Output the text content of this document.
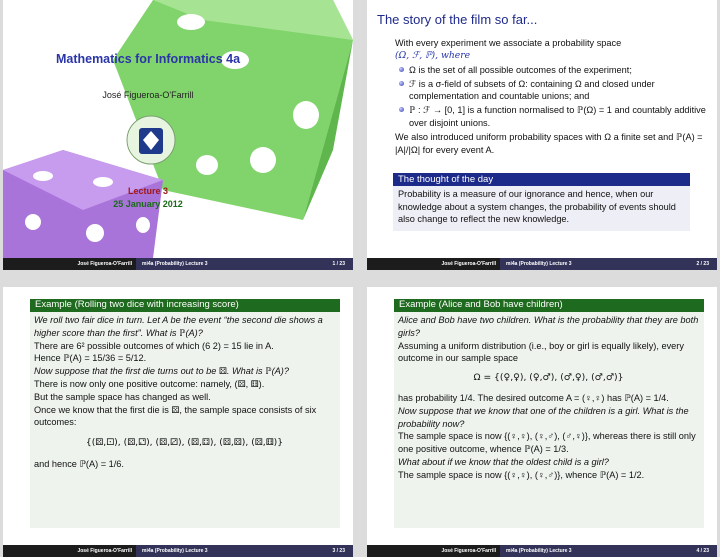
Mathematics for Informatics 4a
José Figueroa-O'Farrill
Lecture 3
25 January 2012
José Figueroa-O'Farrill	mi4a (Probability) Lecture 3	1 / 23
The story of the film so far...
With every experiment we associate a probability space
(Ω, ℱ, ℙ), where
Ω is the set of all possible outcomes of the experiment;
ℱ is a σ-field of subsets of Ω: containing Ω and closed under complementation and countable unions; and
ℙ : ℱ → [0, 1] is a function normalised to ℙ(Ω) = 1 and countably additive over disjoint unions.
We also introduced uniform probability spaces with Ω a finite set and ℙ(A) = |A|/|Ω| for every event A.
The thought of the day
Probability is a measure of our ignorance and hence, when our knowledge about a system changes, the probability of events should also change to reflect the new knowledge.
José Figueroa-O'Farrill	mi4a (Probability) Lecture 3	2 / 23
Example (Rolling two dice with increasing score)
We roll two fair dice in turn. Let A be the event “the second die shows a higher score than the first”. What is ℙ(A)?
There are 6² possible outcomes of which (6 2) = 15 lie in A.
Hence ℙ(A) = 15/36 = 5/12.
Now suppose that the first die turns out to be ⚄. What is ℙ(A)?
There is now only one positive outcome: namely, (⚄, ⚅).
But the sample space has changed as well.
Once we know that the first die is ⚄, the sample space consists of six outcomes:
{(⚄,⚀), (⚄,⚁), (⚄,⚂), (⚄,⚃), (⚄,⚄), (⚄,⚅)}
and hence ℙ(A) = 1/6.
José Figueroa-O'Farrill	mi4a (Probability) Lecture 3	3 / 23
Example (Alice and Bob have children)
Alice and Bob have two children. What is the probability that they are both girls?
Assuming a uniform distribution (i.e., boy or girl is equally likely), every outcome in our sample space
Ω = {(♀,♀), (♀,♂), (♂,♀), (♂,♂)}
has probability 1/4. The desired outcome A = (♀,♀) has ℙ(A) = 1/4.
Now suppose that we know that one of the children is a girl. What is the probability now?
The sample space is now {(♀,♀), (♀,♂), (♂,♀)}, whereas there is still only one positive outcome, whence ℙ(A) = 1/3.
What about if we know that the oldest child is a girl?
The sample space is now {(♀,♀), (♀,♂)}, whence ℙ(A) = 1/2.
José Figueroa-O'Farrill	mi4a (Probability) Lecture 3	4 / 23
